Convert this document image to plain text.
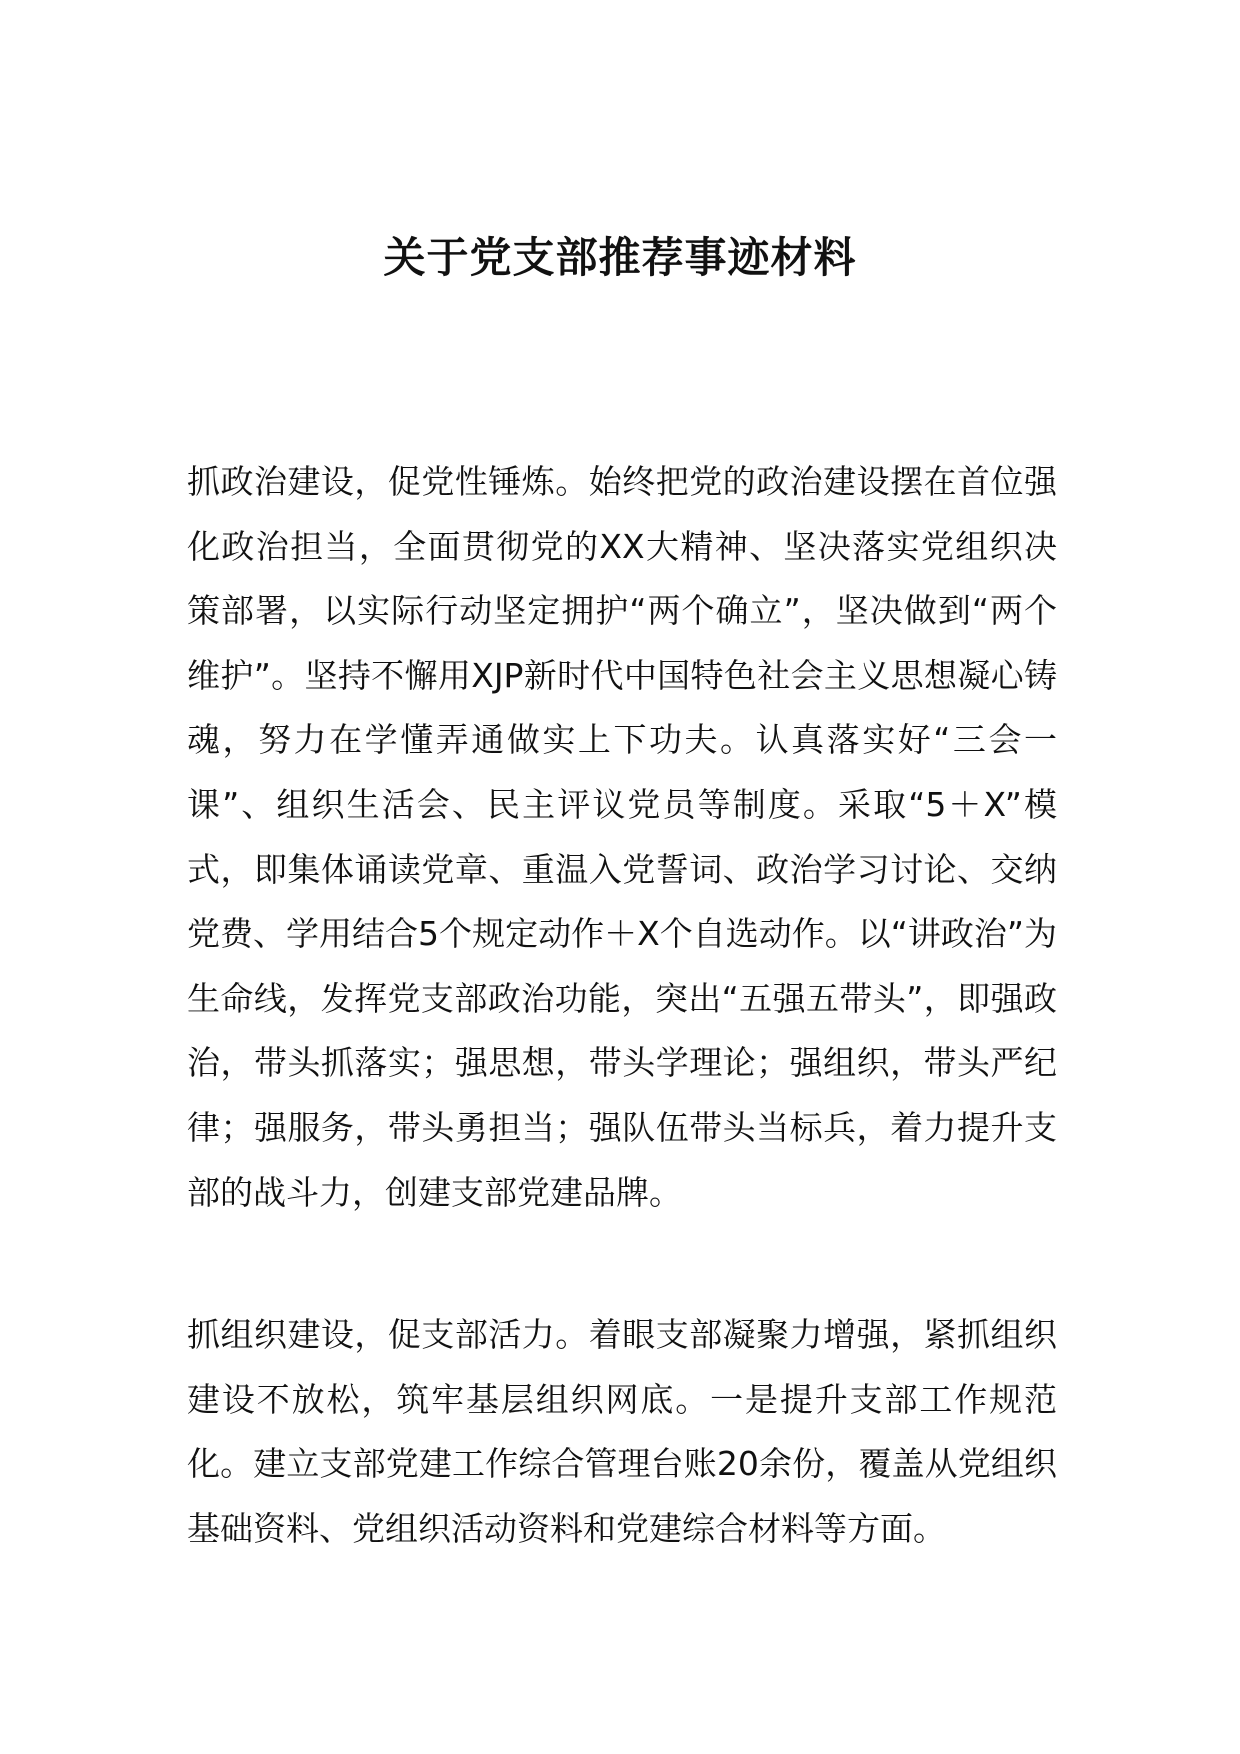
关于党支部推荐事迹材料

抓政治建设，促党性锤炼。始终把党的政治建设摆在首位强化政治担当，全面贯彻党的XX大精神、坚决落实党组织决策部署，以实际行动坚定拥护“两个确立”，坚决做到“两个维护”。坚持不懈用XJP新时代中国特色社会主义思想凝心铸魂，努力在学懂弄通做实上下功夫。认真落实好“三会一课”、组织生活会、民主评议党员等制度。采取“5＋X”模式，即集体诵读党章、重温入党誓词、政治学习讨论、交纳党费、学用结合5个规定动作＋X个自选动作。以“讲政治”为生命线，发挥党支部政治功能，突出“五强五带头”，即强政治，带头抓落实；强思想，带头学理论；强组织，带头严纪律；强服务，带头勇担当；强队伍带头当标兵，着力提升支部的战斗力，创建支部党建品牌。

抓组织建设，促支部活力。着眼支部凝聚力增强，紧抓组织建设不放松，筑牢基层组织网底。一是提升支部工作规范化。建立支部党建工作综合管理台账20余份，覆盖从党组织基础资料、党组织活动资料和党建综合材料等方面。
